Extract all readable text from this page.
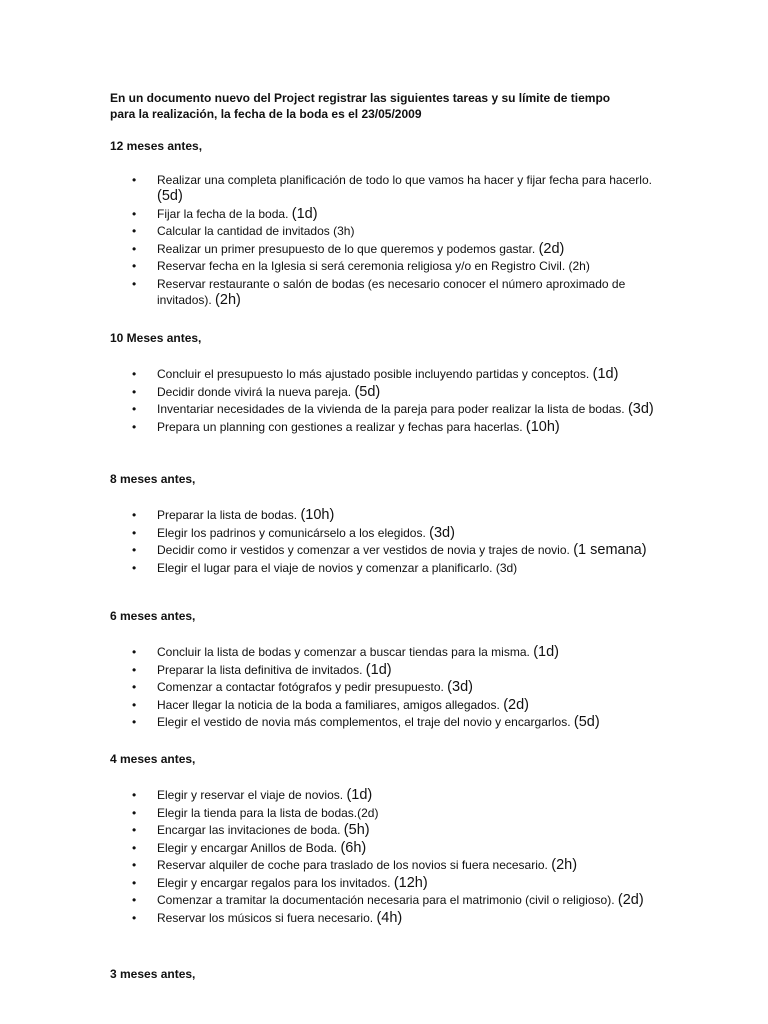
En un documento nuevo del Project registrar las siguientes tareas y su límite de tiempo

para la realización, la fecha de la boda es el 23/05/2009

12 meses antes,
• Realizar una completa planificación de todo lo que vamos ha hacer y fijar fecha para hacerlo. (5d)
• Fijar la fecha de la boda. (1d)
• Calcular la cantidad de invitados (3h)
• Realizar un primer presupuesto de lo que queremos y podemos gastar. (2d)
• Reservar fecha en la Iglesia si será ceremonia religiosa y/o en Registro Civil. (2h)
• Reservar restaurante o salón de bodas (es necesario conocer el número aproximado de invitados). (2h)
10 Meses antes,
• Concluir el presupuesto lo más ajustado posible incluyendo partidas y conceptos. (1d)
• Decidir donde vivirá la nueva pareja. (5d)
• Inventariar necesidades de la vivienda de la pareja para poder realizar la lista de bodas. (3d)
• Prepara un planning con gestiones a realizar y fechas para hacerlas. (10h)
8 meses antes,
• Preparar la lista de bodas. (10h)
• Elegir los padrinos y comunicárselo a los elegidos. (3d)
• Decidir como ir vestidos y comenzar a ver vestidos de novia y trajes de novio. (1 semana)
• Elegir el lugar para el viaje de novios y comenzar a planificarlo. (3d)
6 meses antes,
• Concluir la lista de bodas y comenzar a buscar tiendas para la misma. (1d)
• Preparar la lista definitiva de invitados. (1d)
• Comenzar a contactar fotógrafos y pedir presupuesto. (3d)
• Hacer llegar la noticia de la boda a familiares, amigos allegados. (2d)
• Elegir el vestido de novia más complementos, el traje del novio y encargarlos. (5d)
4 meses antes,
• Elegir y reservar el viaje de novios. (1d)
• Elegir la tienda para la lista de bodas.(2d)
• Encargar las invitaciones de boda. (5h)
• Elegir y encargar Anillos de Boda. (6h)
• Reservar alquiler de coche para traslado de los novios si fuera necesario. (2h)
• Elegir y encargar regalos para los invitados. (12h)
• Comenzar a tramitar la documentación necesaria para el matrimonio (civil o religioso). (2d)
• Reservar los músicos si fuera necesario. (4h)
3 meses antes,
